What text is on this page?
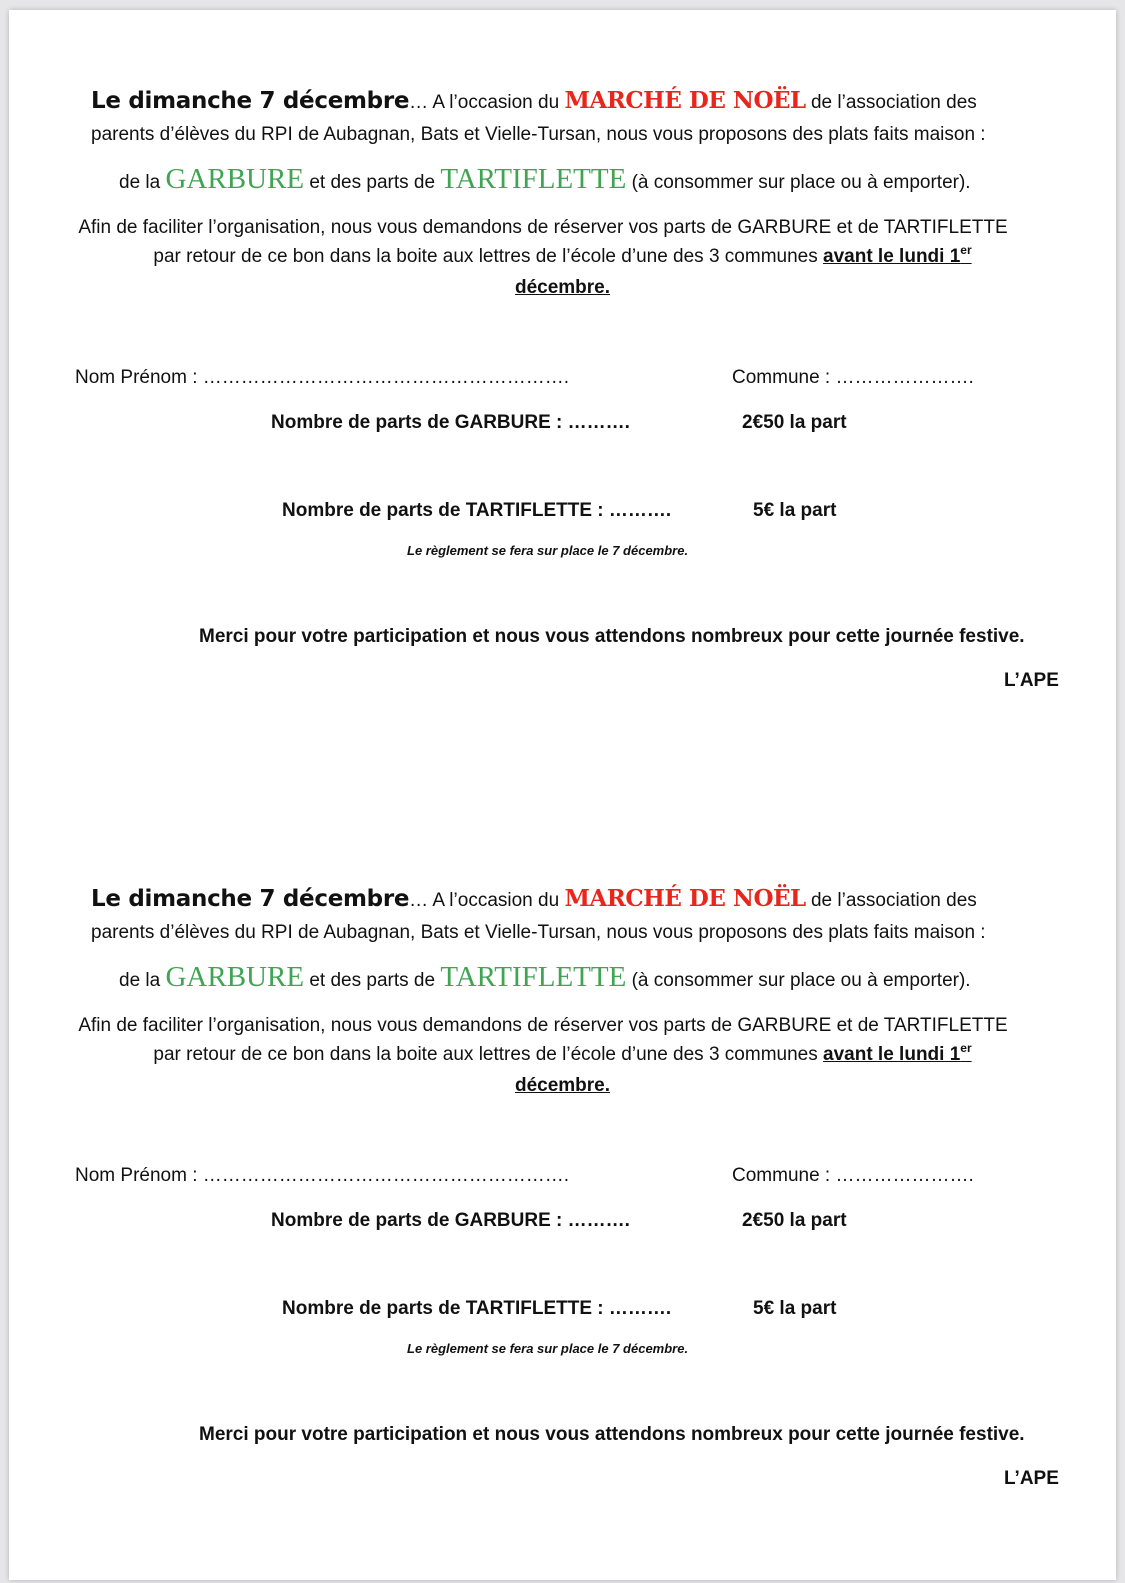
Le dimanche 7 décembre… A l’occasion du MARCHÉ DE NOËL de l’association des
parents d’élèves du RPI de Aubagnan, Bats et Vielle-Tursan, nous vous proposons des plats faits maison :
de la GARBURE et des parts de TARTIFLETTE (à consommer sur place ou à emporter).
Afin de faciliter l’organisation, nous vous demandons de réserver vos parts de GARBURE et de TARTIFLETTE
par retour de ce bon dans la boite aux lettres de l’école d’une des 3 communes avant le lundi 1er
décembre.
Nom Prénom : ………………………………………………….	Commune : ………………….
Nombre de parts de GARBURE : ……….	2€50 la part
Nombre de parts de TARTIFLETTE : ……….	5€ la part
Le règlement se fera sur place le 7 décembre.
Merci pour votre participation et nous vous attendons nombreux pour cette journée festive.
L’APE
Le dimanche 7 décembre… A l’occasion du MARCHÉ DE NOËL de l’association des
parents d’élèves du RPI de Aubagnan, Bats et Vielle-Tursan, nous vous proposons des plats faits maison :
de la GARBURE et des parts de TARTIFLETTE (à consommer sur place ou à emporter).
Afin de faciliter l’organisation, nous vous demandons de réserver vos parts de GARBURE et de TARTIFLETTE
par retour de ce bon dans la boite aux lettres de l’école d’une des 3 communes avant le lundi 1er
décembre.
Nom Prénom : ………………………………………………….	Commune : ………………….
Nombre de parts de GARBURE : ……….	2€50 la part
Nombre de parts de TARTIFLETTE : ……….	5€ la part
Le règlement se fera sur place le 7 décembre.
Merci pour votre participation et nous vous attendons nombreux pour cette journée festive.
L’APE
